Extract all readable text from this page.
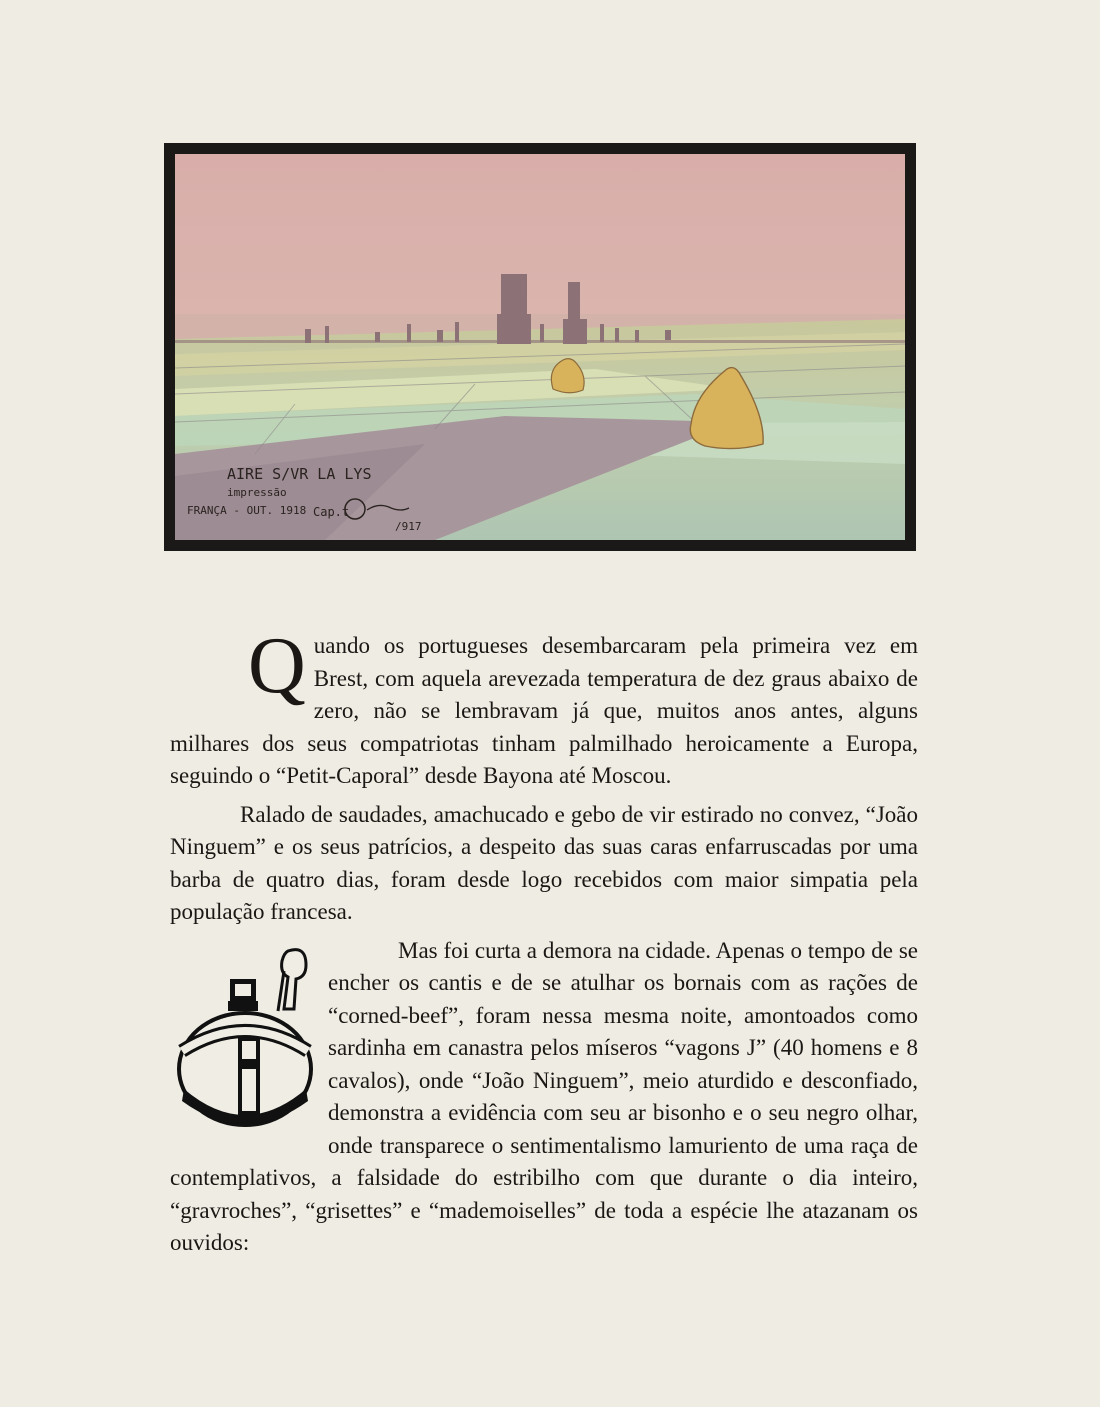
AIRE S/VR LA LYS
impressão
FRANÇA - OUT. 1918 Cap.t
/917

Quando os portugueses desembarcaram pela primeira vez em Brest, com aquela arevezada temperatura de dez graus abaixo de zero, não se lembravam já que, muitos anos antes, alguns milhares dos seus compatriotas tinham palmilhado heroicamente a Europa, seguindo o “Petit-Caporal” desde Bayona até Moscou.

Ralado de saudades, amachucado e gebo de vir estirado no convez, “João Ninguem” e os seus patrícios, a despeito das suas caras enfarruscadas por uma barba de quatro dias, foram desde logo recebidos com maior simpatia pela população francesa.

Mas foi curta a demora na cidade. Apenas o tempo de se encher os cantis e de se atulhar os bornais com as rações de “corned-beef”, foram nessa mesma noite, amontoados como sardinha em canastra pelos míseros “vagons J” (40 homens e 8 cavalos), onde “João Ninguem”, meio aturdido e desconfiado, demonstra a evidência com seu ar bisonho e o seu negro olhar, onde transparece o sentimentalismo lamuriento de uma raça de contemplativos, a falsidade do estribilho com que durante o dia inteiro, “gravroches”, “grisettes” e “mademoiselles” de toda a espécie lhe atazanam os ouvidos:
